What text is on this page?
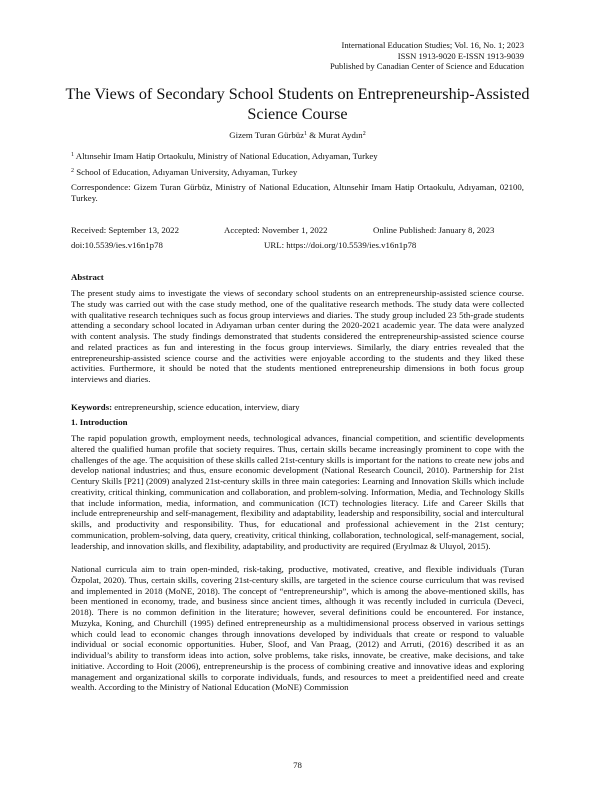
International Education Studies; Vol. 16, No. 1; 2023
ISSN 1913-9020 E-ISSN 1913-9039
Published by Canadian Center of Science and Education
The Views of Secondary School Students on Entrepreneurship-Assisted Science Course
Gizem Turan Gürbüz$^1$ & Murat Aydın$^2$
$^1$ Altınsehir Imam Hatip Ortaokulu, Ministry of National Education, Adıyaman, Turkey
$^2$ School of Education, Adıyaman University, Adıyaman, Turkey
Correspondence: Gizem Turan Gürbüz, Ministry of National Education, Altınsehir Imam Hatip Ortaokulu, Adıyaman, 02100, Turkey.
Received: September 13, 2022	Accepted: November 1, 2022	Online Published: January 8, 2023
doi:10.5539/ies.v16n1p78	URL: https://doi.org/10.5539/ies.v16n1p78
Abstract
The present study aims to investigate the views of secondary school students on an entrepreneurship-assisted science course. The study was carried out with the case study method, one of the qualitative research methods. The study data were collected with qualitative research techniques such as focus group interviews and diaries. The study group included 23 5th-grade students attending a secondary school located in Adıyaman urban center during the 2020-2021 academic year. The data were analyzed with content analysis. The study findings demonstrated that students considered the entrepreneurship-assisted science course and related practices as fun and interesting in the focus group interviews. Similarly, the diary entries revealed that the entrepreneurship-assisted science course and the activities were enjoyable according to the students and they liked these activities. Furthermore, it should be noted that the students mentioned entrepreneurship dimensions in both focus group interviews and diaries.
Keywords: entrepreneurship, science education, interview, diary
1. Introduction
The rapid population growth, employment needs, technological advances, financial competition, and scientific developments altered the qualified human profile that society requires. Thus, certain skills became increasingly prominent to cope with the challenges of the age. The acquisition of these skills called 21st-century skills is important for the nations to create new jobs and develop national industries; and thus, ensure economic development (National Research Council, 2010). Partnership for 21st Century Skills [P21] (2009) analyzed 21st-century skills in three main categories: Learning and Innovation Skills which include creativity, critical thinking, communication and collaboration, and problem-solving. Information, Media, and Technology Skills that include information, media, information, and communication (ICT) technologies literacy. Life and Career Skills that include entrepreneurship and self-management, flexibility and adaptability, leadership and responsibility, social and intercultural skills, and productivity and responsibility. Thus, for educational and professional achievement in the 21st century; communication, problem-solving, data query, creativity, critical thinking, collaboration, technological, self-management, social, leadership, and innovation skills, and flexibility, adaptability, and productivity are required (Eryılmaz & Uluyol, 2015).
National curricula aim to train open-minded, risk-taking, productive, motivated, creative, and flexible individuals (Turan Özpolat, 2020). Thus, certain skills, covering 21st-century skills, are targeted in the science course curriculum that was revised and implemented in 2018 (MoNE, 2018). The concept of “entrepreneurship”, which is among the above-mentioned skills, has been mentioned in economy, trade, and business since ancient times, although it was recently included in curricula (Deveci, 2018). There is no common definition in the literature; however, several definitions could be encountered. For instance, Muzyka, Koning, and Churchill (1995) defined entrepreneurship as a multidimensional process observed in various settings which could lead to economic changes through innovations developed by individuals that create or respond to valuable individual or social economic opportunities. Huber, Sloof, and Van Praag, (2012) and Arruti, (2016) described it as an individual’s ability to transform ideas into action, solve problems, take risks, innovate, be creative, make decisions, and take initiative. According to Hoit (2006), entrepreneurship is the process of combining creative and innovative ideas and exploring management and organizational skills to corporate individuals, funds, and resources to meet a preidentified need and create wealth. According to the Ministry of National Education (MoNE) Commission
78
